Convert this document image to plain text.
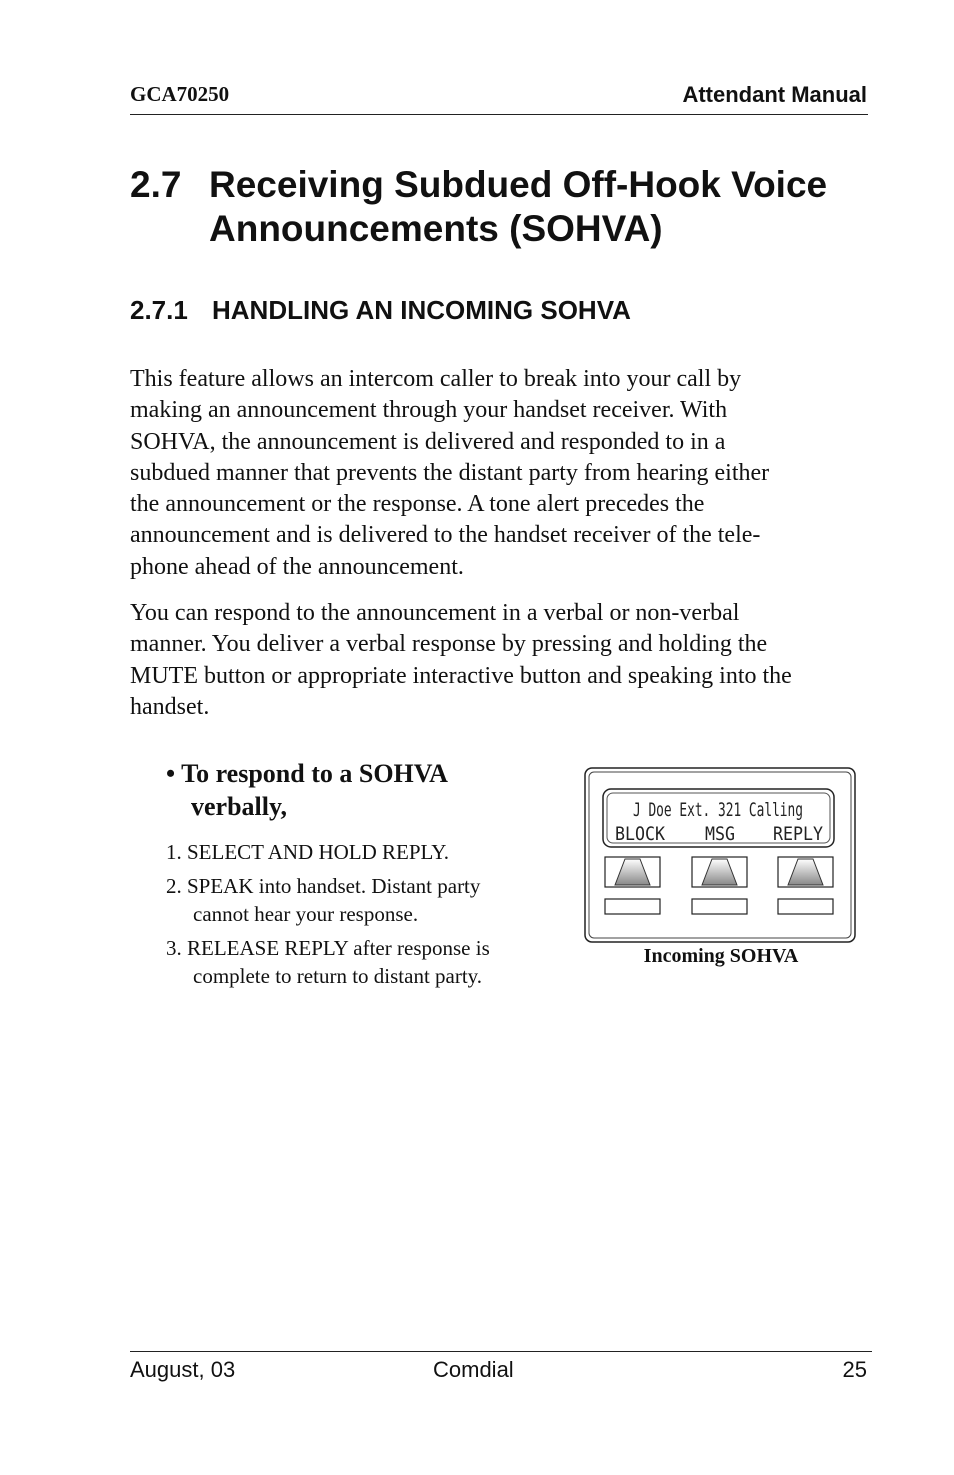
GCA70250	Attendant Manual
2.7 Receiving Subdued Off-Hook Voice
Announcements (SOHVA)
2.7.1 HANDLING AN INCOMING SOHVA
This feature allows an intercom caller to break into your call by
making an announcement through your handset receiver. With
SOHVA, the announcement is delivered and responded to in a
subdued manner that prevents the distant party from hearing either
the announcement or the response. A tone alert precedes the
announcement and is delivered to the handset receiver of the tele-
phone ahead of the announcement.
You can respond to the announcement in a verbal or non-verbal
manner. You deliver a verbal response by pressing and holding the
MUTE button or appropriate interactive button and speaking into the
handset.
• To respond to a SOHVA
verbally,
1. SELECT AND HOLD REPLY.
2. SPEAK into handset. Distant party
cannot hear your response.
3. RELEASE REPLY after response is
complete to return to distant party.
J Doe Ext. 321 Calling
BLOCK MSG REPLY
Incoming SOHVA
August, 03	Comdial	25
